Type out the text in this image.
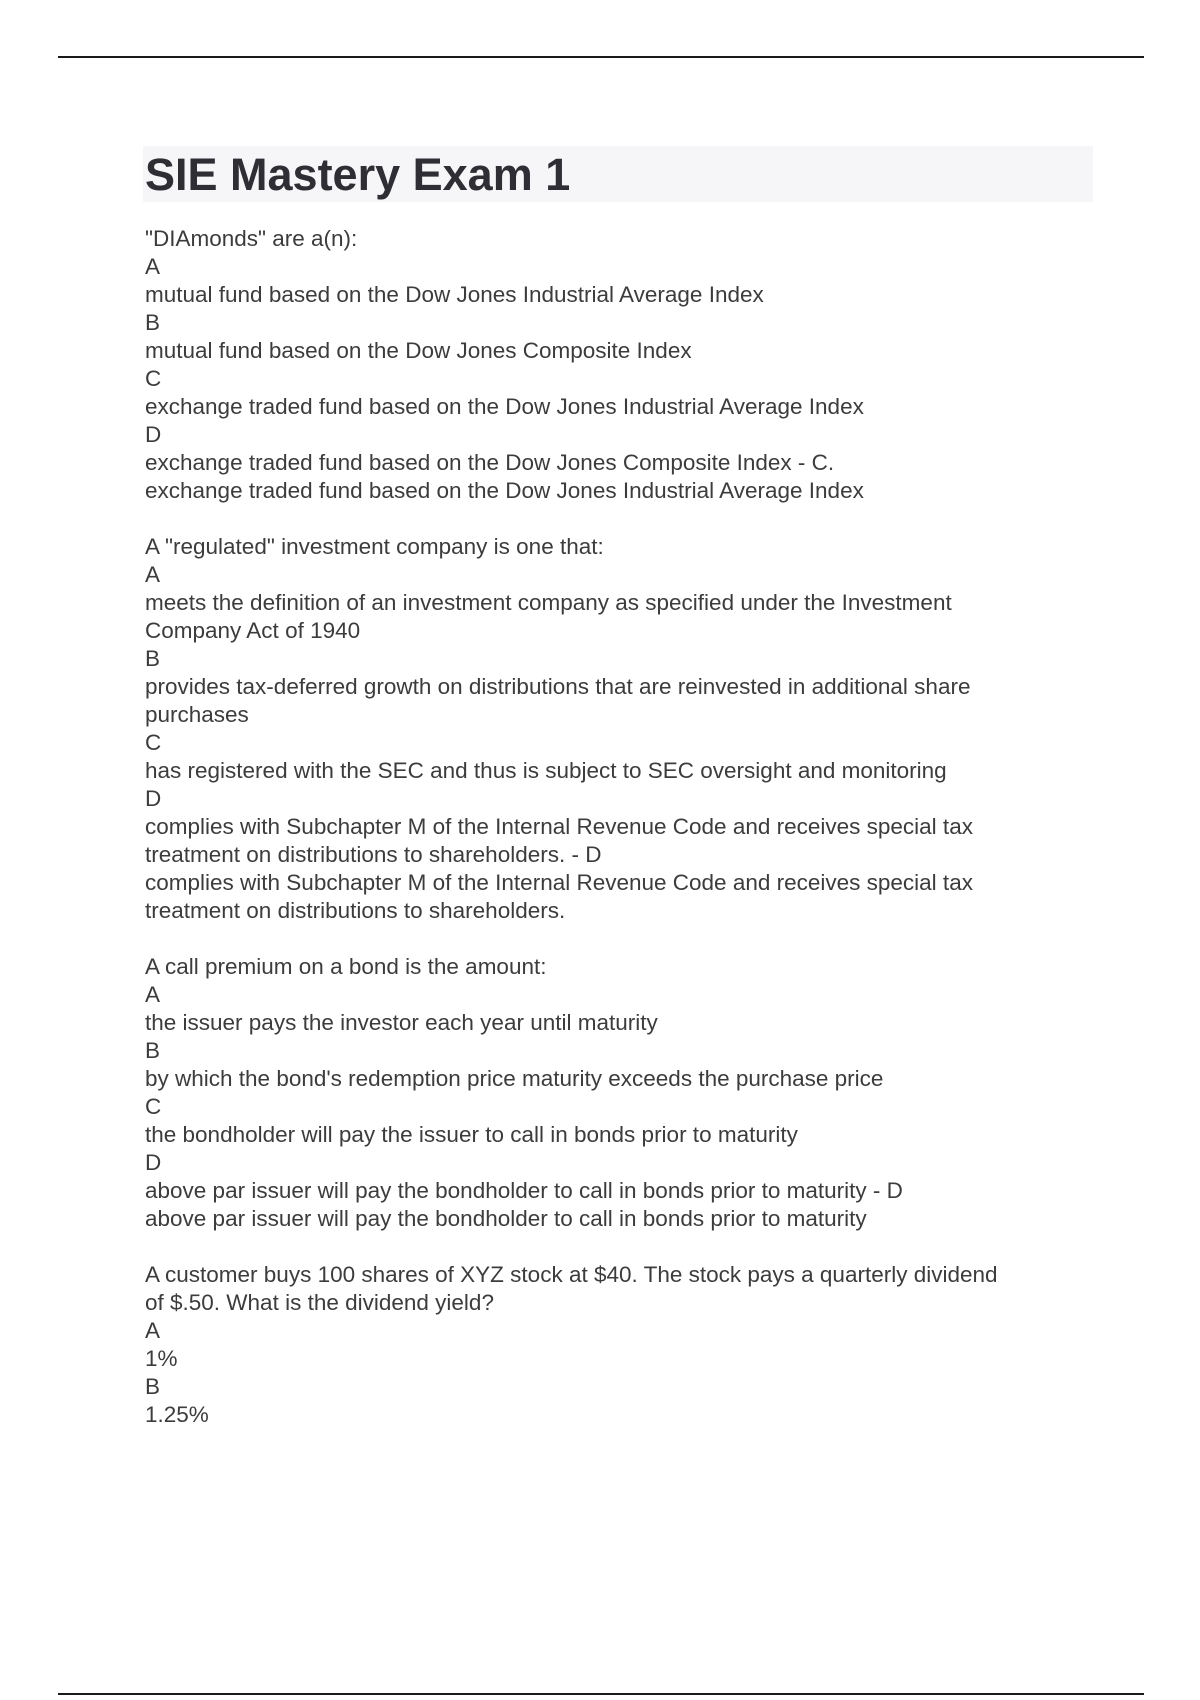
SIE Mastery Exam 1
"DIAmonds" are a(n):
A
mutual fund based on the Dow Jones Industrial Average Index
B
mutual fund based on the Dow Jones Composite Index
C
exchange traded fund based on the Dow Jones Industrial Average Index
D
exchange traded fund based on the Dow Jones Composite Index - C.
exchange traded fund based on the Dow Jones Industrial Average Index
A "regulated" investment company is one that:
A
meets the definition of an investment company as specified under the Investment
Company Act of 1940
B
provides tax-deferred growth on distributions that are reinvested in additional share
purchases
C
has registered with the SEC and thus is subject to SEC oversight and monitoring
D
complies with Subchapter M of the Internal Revenue Code and receives special tax
treatment on distributions to shareholders. - D
complies with Subchapter M of the Internal Revenue Code and receives special tax
treatment on distributions to shareholders.
A call premium on a bond is the amount:
A
the issuer pays the investor each year until maturity
B
by which the bond's redemption price maturity exceeds the purchase price
C
the bondholder will pay the issuer to call in bonds prior to maturity
D
above par issuer will pay the bondholder to call in bonds prior to maturity - D
above par issuer will pay the bondholder to call in bonds prior to maturity
A customer buys 100 shares of XYZ stock at $40. The stock pays a quarterly dividend
of $.50. What is the dividend yield?
A
1%
B
1.25%
